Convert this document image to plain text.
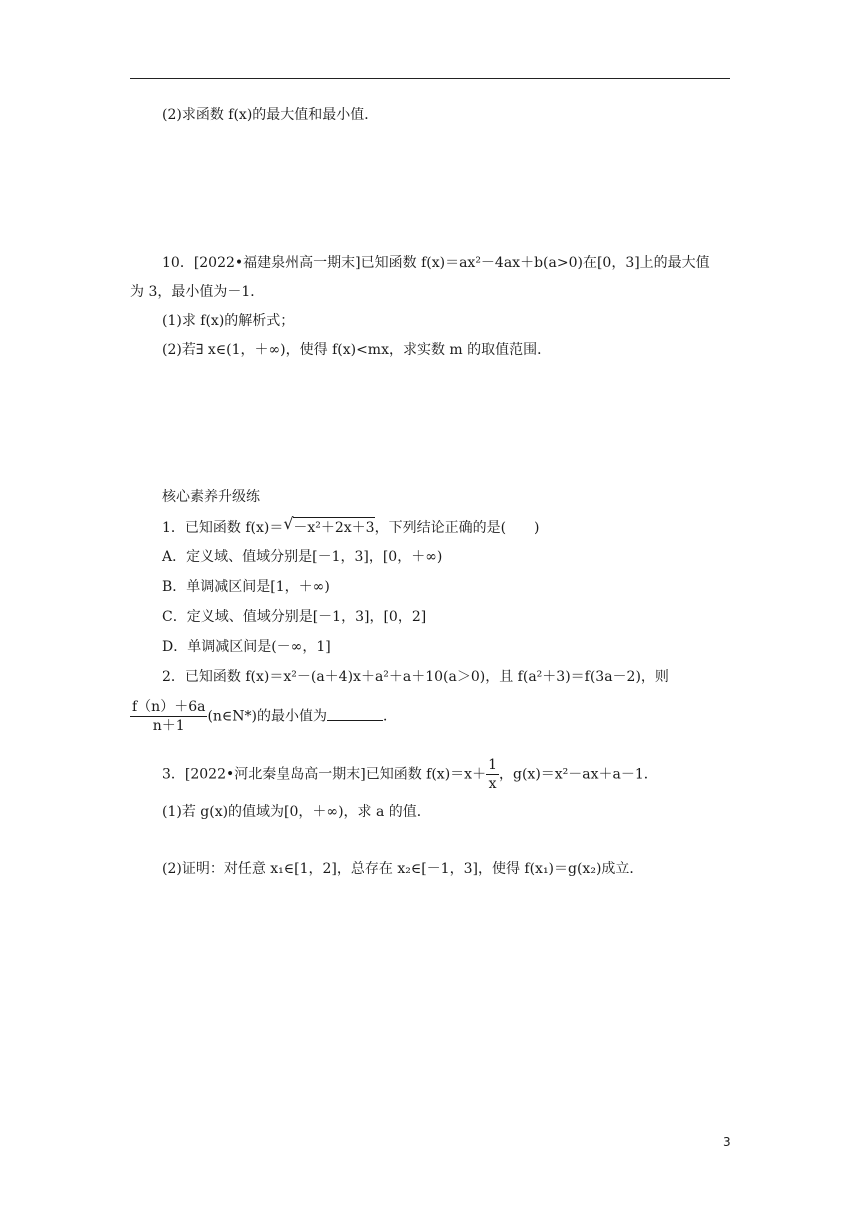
(2)求函数 f(x)的最大值和最小值．
10．[2022•福建泉州高一期末]已知函数 f(x)＝ax²－4ax＋b(a>0)在[0，3]上的最大值
为 3，最小值为－1．
(1)求 f(x)的解析式；
(2)若∃ x∈(1，＋∞)，使得 f(x)<mx，求实数 m 的取值范围．
核心素养升级练
1．已知函数 f(x)＝ √ －x²＋2x＋3，下列结论正确的是(　　)
A．定义域、值域分别是[－1，3]，[0，＋∞)
B．单调减区间是[1，＋∞)
C．定义域、值域分别是[－1，3]，[0，2]
D．单调减区间是(－∞，1]
2．已知函数 f(x)＝x²－(a＋4)x＋a²＋a＋10(a＞0)，且 f(a²＋3)＝f(3a－2)，则
$\frac{f(n)+6a}{n+1}$ (n∈N*)的最小值为	．
3．[2022•河北秦皇岛高一期末]已知函数 $f(x)=x+ \frac{1}{x}$ ，g(x)＝x²－ax＋a－1．
(1)若 g(x)的值域为[0，＋∞)，求 a 的值．
(2)证明：对任意 x₁∈[1，2]，总存在 x₂∈[－1，3]，使得 f(x₁)＝g(x₂)成立．
3
